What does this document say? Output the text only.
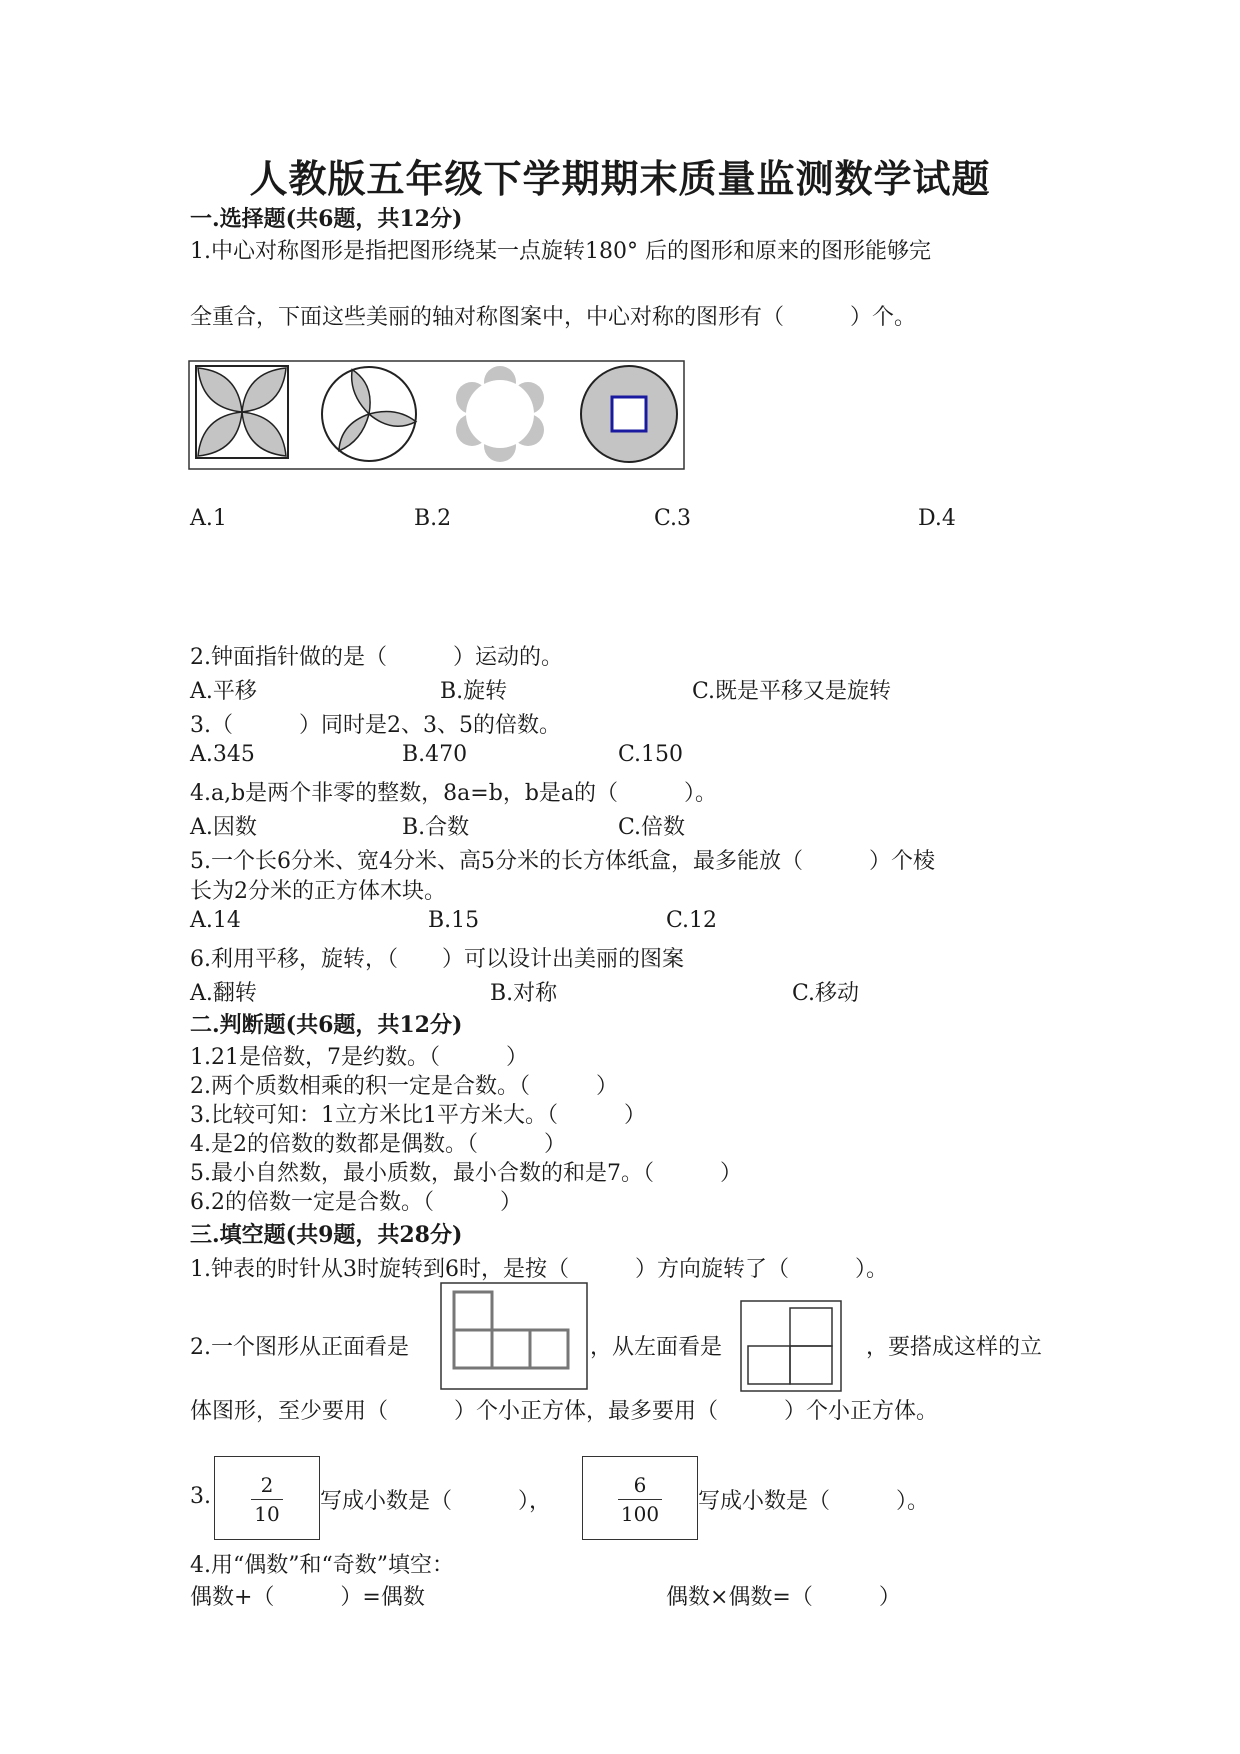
人教版五年级下学期期末质量监测数学试题
一.选择题(共6题，共12分)
1.中心对称图形是指把图形绕某一点旋转180° 后的图形和原来的图形能够完
全重合，下面这些美丽的轴对称图案中，中心对称的图形有（　　　）个。
A.1	B.2	C.3	D.4
2.钟面指针做的是（　　　）运动的。
A.平移	B.旋转	C.既是平移又是旋转
3.（　　　）同时是2、3、5的倍数。
A.345	B.470	C.150
4.a,b是两个非零的整数，8a=b，b是a的（　　　）。
A.因数	B.合数	C.倍数
5.一个长6分米、宽4分米、高5分米的长方体纸盒，最多能放（　　　）个棱
长为2分米的正方体木块。
A.14	B.15	C.12
6.利用平移，旋转，（　　）可以设计出美丽的图案
A.翻转	B.对称	C.移动
二.判断题(共6题，共12分)
1.21是倍数，7是约数。（　　　）
2.两个质数相乘的积一定是合数。（　　　）
3.比较可知：1立方米比1平方米大。（　　　）
4.是2的倍数的数都是偶数。（　　　）
5.最小自然数，最小质数，最小合数的和是7。（　　　）
6.2的倍数一定是合数。（　　　）
三.填空题(共9题，共28分)
1.钟表的时针从3时旋转到6时，是按（　　　）方向旋转了（　　　）。
2.一个图形从正面看是	，从左面看是	，要搭成这样的立
体图形，至少要用（　　　）个小正方体，最多要用（　　　）个小正方体。
3.	2
10	写成小数是（　　　），
6
100	写成小数是（　　　）。
4.用“偶数”和“奇数”填空：
偶数+（　　　）=偶数	偶数×偶数=（　　　）
